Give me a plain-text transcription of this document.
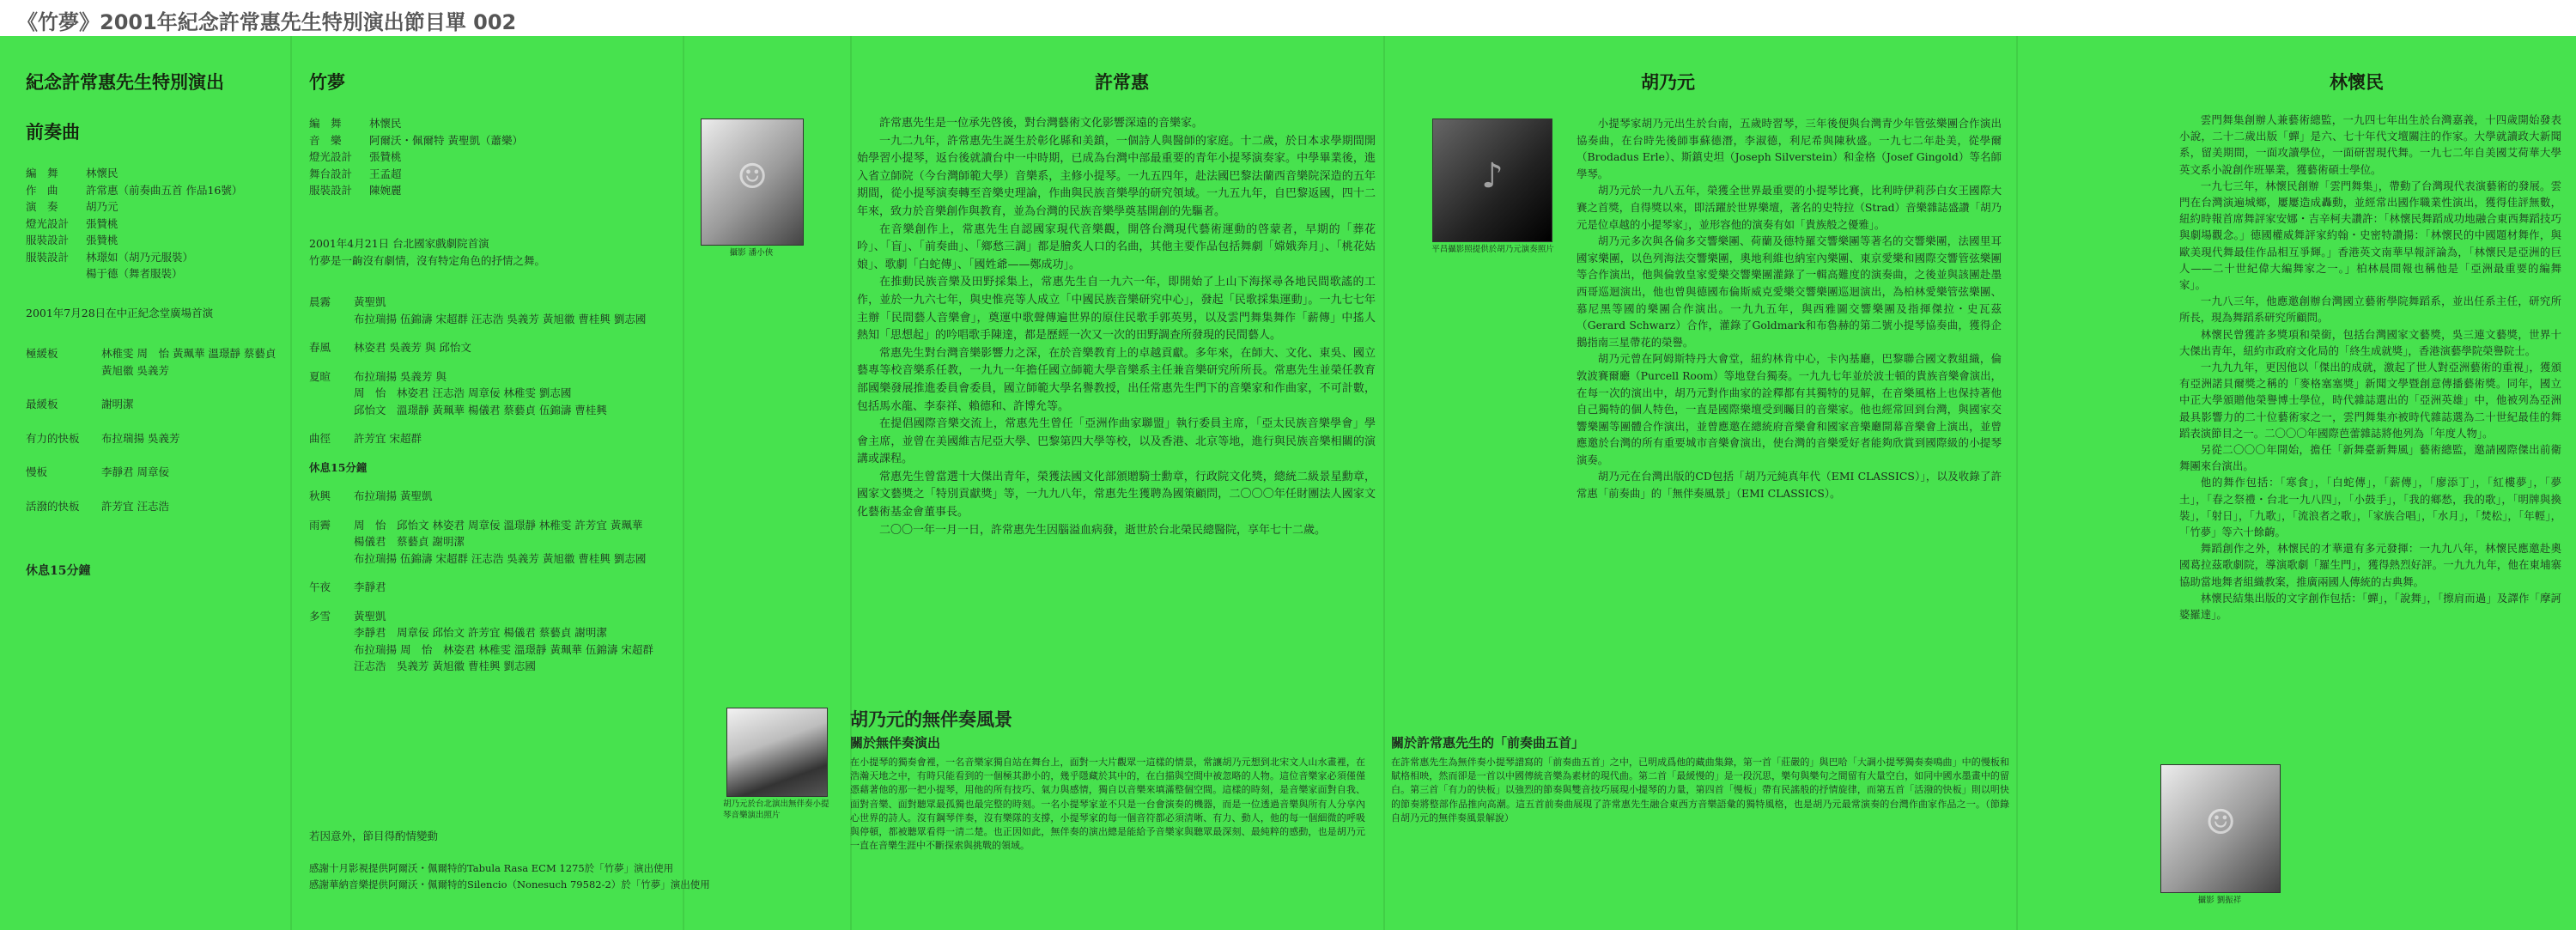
《竹夢》2001年紀念許常惠先生特別演出節目單 002
紀念許常惠先生特別演出
前奏曲
編　舞	林懷民
作　曲	許常惠（前奏曲五首 作品16號）
演　奏	胡乃元
燈光設計 張贊桃
服裝設計 張贊桃
服裝設計 林璟如（胡乃元服裝）
楊于德（舞者服裝）
2001年7月28日在中正紀念堂廣場首演
極緩板	林稚雯 周　怡 黃珮華 溫璟靜 蔡藝貞
黃旭徽 吳義芳
最緩板	謝明潔
有力的快板 布拉瑞揚 吳義芳
慢板	李靜君 周章佞
活潑的快板 許芳宜 汪志浩
休息15分鐘
竹夢
編　舞	林懷民
音　樂	阿爾沃・佩爾特 黃聖凱（蕭樂）
燈光設計 張贊桃
舞台設計 王孟超
服裝設計 陳婉麗	☺
攝影 潘小俠
2001年4月21日 台北國家戲劇院首演
竹夢是一齣沒有劇情，沒有特定角色的抒情之舞。
晨霧 黃聖凱
布拉瑞揚 伍錦濤 宋超群 汪志浩 吳義芳 黃旭徽 曹桂興 劉志國
春風 林姿君 吳義芳 與 邱怡文
夏暄 布拉瑞揚 吳義芳 與
周　怡　林姿君 汪志浩 周章佞 林稚雯 劉志國
邱怡文　溫璟靜 黃珮華 楊儀君 蔡藝貞 伍錦濤 曹桂興
曲徑 許芳宜 宋超群
休息15分鐘
秋興 布拉瑞揚 黃聖凱
雨霽 周　怡　邱怡文 林姿君 周章佞 溫璟靜 林稚雯 許芳宜 黃珮華
楊儀君　蔡藝貞 謝明潔
布拉瑞揚 伍錦濤 宋超群 汪志浩 吳義芳 黃旭徽 曹桂興 劉志國
午夜 李靜君
多雪 黃聖凱
李靜君　周章佞 邱怡文 許芳宜 楊儀君 蔡藝貞 謝明潔
布拉瑞揚 周　怡　林姿君 林稚雯 溫璟靜 黃珮華 伍錦濤 宋超群
汪志浩　吳義芳 黃旭徽 曹桂興 劉志國
若因意外，節目得酌情變動
感謝十月影視提供阿爾沃・佩爾特的Tabula Rasa ECM 1275於「竹夢」演出使用
感謝華納音樂提供阿爾沃・佩爾特的Silencio（Nonesuch 79582-2）於「竹夢」演出使用
許常惠

許常惠先生是一位承先啓後，對台灣藝術文化影響深遠的音樂家。

一九二九年，許常惠先生誕生於彰化縣和美鎮，一個詩人與醫師的家庭。十二歲，於日本求學期間開始學習小提琴，返台後就讀台中一中時期，已成為台灣中部最重要的青年小提琴演奏家。中學畢業後，進入省立師院（今台灣師範大學）音樂系，主修小提琴。一九五四年，赴法國巴黎法蘭西音樂院深造的五年期間，從小提琴演奏轉至音樂史理論，作曲與民族音樂學的研究領域。一九五九年，自巴黎返國，四十二年來，致力於音樂創作與教育，並為台灣的民族音樂學奠基開創的先驅者。

在音樂創作上，常惠先生自認國家現代音樂觀，開啓台灣現代藝術運動的啓蒙者，早期的「葬花吟」、「盲」、「前奏曲」、「鄉愁三調」都是膾炙人口的名曲，其他主要作品包括舞劇「嫦娥奔月」、「桃花姑娘」、歌劇「白蛇傳」、「國姓爺——鄭成功」。

在推動民族音樂及田野採集上，常惠先生自一九六一年，即開始了上山下海探尋各地民間歌謠的工作，並於一九六七年，與史惟亮等人成立「中國民族音樂研究中心」，發起「民歌採集運動」。一九七七年主辦「民間藝人音樂會」，奠運中歌聲傳遍世界的原住民歌手郭英男，以及雲門舞集舞作「薪傳」中搖人熱知「思想起」的吟唱歌手陳達，都是歷經一次又一次的田野調查所發現的民間藝人。

常惠先生對台灣音樂影響力之深，在於音樂教育上的卓越貢獻。多年來，在師大、文化、東吳、國立藝專等校音樂系任教，一九九一年擔任國立師範大學音樂系主任兼音樂研究所所長。常惠先生並榮任教育部國樂發展推進委員會委員，國立師範大學名譽教授，出任常惠先生門下的音樂家和作曲家，不可計數，包括馬水龍、李泰祥、賴德和、許博允等。

在提倡國際音樂交流上，常惠先生曾任「亞洲作曲家聯盟」執行委員主席，「亞太民族音樂學會」學會主席，並曾在美國維吉尼亞大學、巴黎第四大學等校，以及香港、北京等地，進行與民族音樂相關的演講或課程。

常惠先生曾當選十大傑出青年，榮獲法國文化部頒贈騎士勳章，行政院文化獎，總統二級景星勳章，國家文藝獎之「特別貢獻獎」等，一九九八年，常惠先生獲聘為國策顧問，二〇〇〇年任財團法人國家文化藝術基金會董事長。

二〇〇一年一月一日，許常惠先生因腦溢血病發，逝世於台北榮民總醫院，享年七十二歲。

胡乃元
♪
平昌攝影照提供於胡乃元演奏照片

小提琴家胡乃元出生於台南，五歲時習琴，三年後便與台灣青少年管弦樂團合作演出協奏曲，在台時先後師事蘇德潛，李淑德，利尼希與陳秋盛。一九七二年赴美，從學爾（Brodadus Erle）、斯鎮史坦（Joseph Silverstein）和金格（Josef Gingold）等名師學琴。

胡乃元於一九八五年，榮獲全世界最重要的小提琴比賽，比利時伊莉莎白女王國際大賽之首獎，自得獎以來，即活躍於世界樂壇，著名的史特拉（Strad）音樂雜誌盛讚「胡乃元是位卓越的小提琴家」，並形容他的演奏有如「貴族般之優雅」。

胡乃元多次與各倫多交響樂團、荷蘭及德特羅交響樂團等著名的交響樂團，法國里耳國家樂團，以色列海法交響樂團，奧地利維也納室內樂團、東京愛樂和國際交響管弦樂團等合作演出，他與倫敦皇家愛樂交響樂團灌錄了一輯高難度的演奏曲，之後並與該團赴墨西哥巡迴演出，他也曾與德國布倫斯威克愛樂交響樂團巡迴演出，為柏林愛樂管弦樂團、慕尼黑等國的樂團合作演出。一九九五年，與西雅圖交響樂團及指揮傑拉・史瓦茲（Gerard Schwarz）合作，灌錄了Goldmark和布魯赫的第二號小提琴協奏曲，獲得企鵝指南三星帶花的榮譽。

胡乃元曾在阿姆斯特丹大會堂，紐約林肯中心，卡內基廳，巴黎聯合國文教組織，倫敦波賽爾廳（Purcell Room）等地登台獨奏。一九九七年並於波士頓的貴族音樂會演出，在每一次的演出中，胡乃元對作曲家的詮釋都有其獨特的見解，在音樂風格上也保持著他自己獨特的個人特色，一直是國際樂壇受到矚目的音樂家。他也經常回到台灣，與國家交響樂團等團體合作演出，並曾應邀在總統府音樂會和國家音樂廳開幕音樂會上演出，並曾應邀於台灣的所有重要城市音樂會演出，使台灣的音樂愛好者能夠欣賞到國際級的小提琴演奏。

胡乃元在台灣出版的CD包括「胡乃元純真年代（EMI CLASSICS）」，以及收錄了許常惠「前奏曲」的「無伴奏風景」（EMI CLASSICS）。

胡乃元於台北演出無伴奏小提琴音樂演出照片
胡乃元的無伴奏風景
關於無伴奏演出
在小提琴的獨奏會裡，一名音樂家獨自站在舞台上，面對一大片觀眾一這樣的情景，常讓胡乃元想到北宋文人山水畫裡，在浩瀚天地之中，有時只能看到的一個極其渺小的，幾乎隱藏於其中的，在白描與空間中被忽略的人物。這位音樂家必須僅僅憑藉著他的那一把小提琴，用他的所有技巧、氣力與感情，獨自以音樂來填滿整個空間。這樣的時刻，是音樂家面對自我、面對音樂、面對聽眾最孤獨也最完整的時刻。一名小提琴家並不只是一台會演奏的機器，而是一位透過音樂與所有人分享內心世界的詩人。沒有鋼琴伴奏，沒有樂隊的支撐，小提琴家的每一個音符都必須清晰、有力、動人，他的每一個細微的呼吸與停頓，都被聽眾看得一清二楚。也正因如此，無伴奏的演出總是能給予音樂家與聽眾最深刻、最純粹的感動，也是胡乃元一直在音樂生涯中不斷探索與挑戰的領域。
關於許常惠先生的「前奏曲五首」
在許常惠先生為無伴奏小提琴譜寫的「前奏曲五首」之中，已明成爲他的藏曲集錄，第一首「莊嚴的」與巴哈「大調小提琴獨奏奏鳴曲」中的慢板和賦格相映，然而卻是一首以中國傳統音樂為素材的現代曲。第二首「最緩慢的」是一段沉思，樂句與樂句之間留有大量空白，如同中國水墨畫中的留白。第三首「有力的快板」以強烈的節奏與雙音技巧展現小提琴的力量，第四首「慢板」帶有民謠般的抒情旋律，而第五首「活潑的快板」則以明快的節奏將整部作品推向高潮。這五首前奏曲展現了許常惠先生融合東西方音樂語彙的獨特風格，也是胡乃元最常演奏的台灣作曲家作品之一。（節錄自胡乃元的無伴奏風景解說）
林懷民

雲門舞集創辦人兼藝術總監，一九四七年出生於台灣嘉義，十四歲開始發表小說，二十二歲出版「蟬」是六、七十年代文壇關注的作家。大學就讀政大新聞系，留美期間，一面攻讀學位，一面研習現代舞。一九七二年自美國艾荷華大學英文系小說創作班畢業，獲藝術碩士學位。

一九七三年，林懷民創辦「雲門舞集」，帶動了台灣現代表演藝術的發展。雲門在台灣演遍城鄉，屢屢造成轟動，並經常出國作職業性演出，獲得佳評無數，紐約時報首席舞評家安娜・吉辛柯夫讚許：「林懷民舞蹈成功地融合東西舞蹈技巧與劇場觀念。」德國權威舞評家約翰・史密特讚揚：「林懷民的中國題材舞作，與歐美現代舞最佳作品相互爭輝。」香港英文南華早報評論為，「林懷民是亞洲的巨人——二十世紀偉大編舞家之一。」柏林晨間報也稱他是「亞洲最重要的編舞家」。

一九八三年，他應邀創辦台灣國立藝術學院舞蹈系，並出任系主任，研究所所長，現為舞蹈系研究所顧問。

林懷民曾獲許多獎項和榮銜，包括台灣國家文藝獎，吳三連文藝獎，世界十大傑出青年，紐約市政府文化局的「終生成就獎」，香港演藝學院榮譽院士。

一九九九年，更因他以「傑出的成就，激起了世人對亞洲藝術的重視」，獲頒有亞洲諾貝爾獎之稱的「麥格塞塞獎」新聞文學暨創意傳播藝術獎。同年，國立中正大學頒贈他榮譽博士學位，時代雜誌選出的「亞洲英雄」中，他被列為亞洲最具影響力的二十位藝術家之一，雲門舞集亦被時代雜誌選為二十世紀最佳的舞蹈表演節目之一。二〇〇〇年國際芭蕾雜誌將他列為「年度人物」。

另從二〇〇〇年開始，擔任「新舞臺新舞風」藝術總監，邀請國際傑出前衛舞團來台演出。

他的舞作包括：「寒食」，「白蛇傳」，「薪傳」，「廖添丁」，「紅樓夢」，「夢土」，「春之祭禮・台北一九八四」，「小鼓手」，「我的鄉愁，我的歌」，「明牌與換裝」，「射日」，「九歌」，「流浪者之歌」，「家族合唱」，「水月」，「焚松」，「年輕」，「竹夢」等六十餘齣。

舞蹈創作之外，林懷民的才華還有多元發揮：一九九八年，林懷民應邀赴奧國葛拉茲歌劇院，導演歌劇「羅生門」，獲得熱烈好評。一九九九年，他在東埔寨協助當地舞者組織教案，推廣兩國人傳統的古典舞。

林懷民結集出版的文字創作包括：「蟬」，「說舞」，「擦肩而過」及譯作「摩訶婆羅達」。

☺
攝影 劉振祥
